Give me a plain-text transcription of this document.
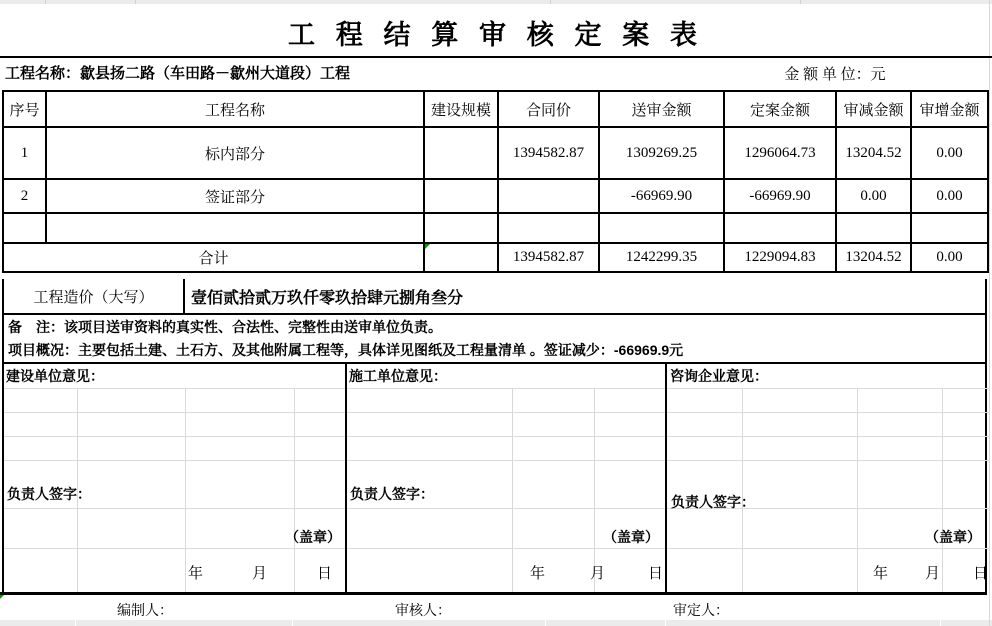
工 程 结 算 审 核 定 案 表
工程名称：歙县扬二路（车田路－歙州大道段）工程	金 额 单 位：元
序号	工程名称	建设规模	合同价	送审金额	定案金额	审减金额	审增金额
1	标内部分		1394582.87	1309269.25	1296064.73	13204.52	0.00
2	签证部分			-66969.90	-66969.90	0.00	0.00

合计			1394582.87	1242299.35	1229094.83	13204.52	0.00
工程造价（大写）	壹佰贰拾贰万玖仟零玖拾肆元捌角叁分
备　注：该项目送审资料的真实性、合法性、完整性由送审单位负责。
项目概况：主要包括土建、土石方、及其他附属工程等，具体详见图纸及工程量清单 。签证减少：-66969.9元
建设单位意见：
负责人签字：
（盖章）
年	月	日
施工单位意见：
负责人签字：
（盖章）
年	月	日
咨询企业意见：
负责人签字：
（盖章）
年 月 日
编制人：	审核人：	审定人：
